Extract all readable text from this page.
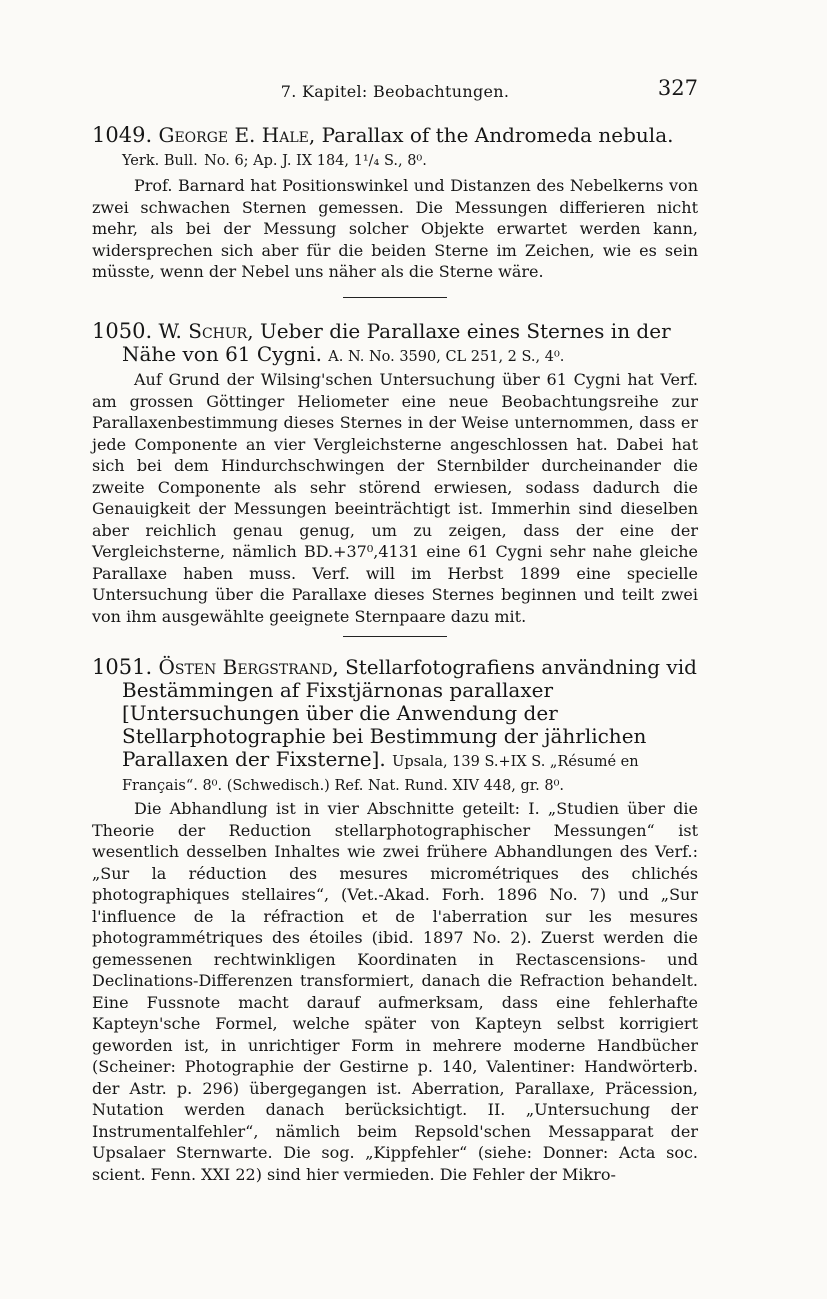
7. Kapitel: Beobachtungen.	327
1049. George E. Hale, Parallax of the Andromeda nebula. Yerk. Bull. No. 6; Ap. J. IX 184, 1¹/₄ S., 8⁰.
Prof. Barnard hat Positionswinkel und Distanzen des Nebelkerns von zwei schwachen Sternen gemessen. Die Messungen differieren nicht mehr, als bei der Messung solcher Objekte erwartet werden kann, widersprechen sich aber für die beiden Sterne im Zeichen, wie es sein müsste, wenn der Nebel uns näher als die Sterne wäre.
1050. W. Schur, Ueber die Parallaxe eines Sternes in der Nähe von 61 Cygni. A. N. No. 3590, CL 251, 2 S., 4⁰.
Auf Grund der Wilsing'schen Untersuchung über 61 Cygni hat Verf. am grossen Göttinger Heliometer eine neue Beobachtungsreihe zur Parallaxenbestimmung dieses Sternes in der Weise unternommen, dass er jede Componente an vier Vergleichsterne angeschlossen hat. Dabei hat sich bei dem Hindurchschwingen der Sternbilder durcheinander die zweite Componente als sehr störend erwiesen, sodass dadurch die Genauigkeit der Messungen beeinträchtigt ist. Immerhin sind dieselben aber reichlich genau genug, um zu zeigen, dass der eine der Vergleichsterne, nämlich BD.+37⁰,4131 eine 61 Cygni sehr nahe gleiche Parallaxe haben muss. Verf. will im Herbst 1899 eine specielle Untersuchung über die Parallaxe dieses Sternes beginnen und teilt zwei von ihm ausgewählte geeignete Sternpaare dazu mit.
1051. Östen Bergstrand, Stellarfotografiens användning vid Bestämmingen af Fixstjärnonas parallaxer [Untersuchungen über die Anwendung der Stellarphotographie bei Bestimmung der jährlichen Parallaxen der Fixsterne]. Upsala, 139 S.+IX S. „Résumé en Français“. 8⁰. (Schwedisch.) Ref. Nat. Rund. XIV 448, gr. 8⁰.
Die Abhandlung ist in vier Abschnitte geteilt: I. „Studien über die Theorie der Reduction stellarphotographischer Messungen“ ist wesentlich desselben Inhaltes wie zwei frühere Abhandlungen des Verf.: „Sur la réduction des mesures micrométriques des chlichés photographiques stellaires“, (Vet.-Akad. Forh. 1896 No. 7) und „Sur l'influence de la réfraction et de l'aberration sur les mesures photogrammétriques des étoiles (ibid. 1897 No. 2). Zuerst werden die gemessenen rechtwinkligen Koordinaten in Rectascensions- und Declinations-Differenzen transformiert, danach die Refraction behandelt. Eine Fussnote macht darauf aufmerksam, dass eine fehlerhafte Kapteyn'sche Formel, welche später von Kapteyn selbst korrigiert geworden ist, in unrichtiger Form in mehrere moderne Handbücher (Scheiner: Photographie der Gestirne p. 140, Valentiner: Handwörterb. der Astr. p. 296) übergegangen ist. Aberration, Parallaxe, Präcession, Nutation werden danach berücksichtigt. II. „Untersuchung der Instrumentalfehler“, nämlich beim Repsold'schen Messapparat der Upsalaer Sternwarte. Die sog. „Kippfehler“ (siehe: Donner: Acta soc. scient. Fenn. XXI 22) sind hier vermieden. Die Fehler der Mikro-
